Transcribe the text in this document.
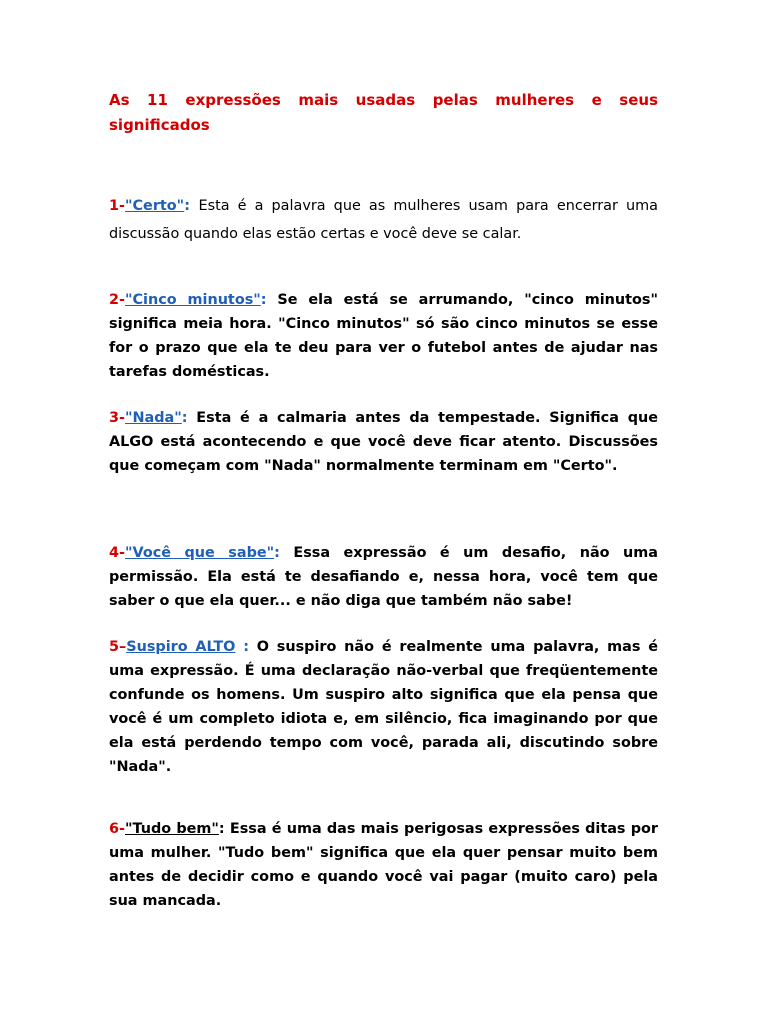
As 11 expressões mais usadas pelas mulheres e seus
significados
1-"Certo": Esta é a palavra que as mulheres usam para encerrar uma discussão quando elas estão certas e você deve se calar.
2-"Cinco minutos": Se ela está se arrumando, "cinco minutos" significa meia hora. "Cinco minutos" só são cinco minutos se esse for o prazo que ela te deu para ver o futebol antes de ajudar nas tarefas domésticas.
3-"Nada": Esta é a calmaria antes da tempestade. Significa que ALGO está acontecendo e que você deve ficar atento. Discussões que começam com "Nada" normalmente terminam em "Certo".
4-"Você que sabe": Essa expressão é um desafio, não uma permissão. Ela está te desafiando e, nessa hora, você tem que saber o que ela quer... e não diga que também não sabe!
5–Suspiro ALTO : O suspiro não é realmente uma palavra, mas é uma expressão. É uma declaração não-verbal que freqüentemente confunde os homens. Um suspiro alto significa que ela pensa que você é um completo idiota e, em silêncio, fica imaginando por que ela está perdendo tempo com você, parada ali, discutindo sobre "Nada".
6-"Tudo bem": Essa é uma das mais perigosas expressões ditas por uma mulher. "Tudo bem" significa que ela quer pensar muito bem antes de decidir como e quando você vai pagar (muito caro) pela sua mancada.
